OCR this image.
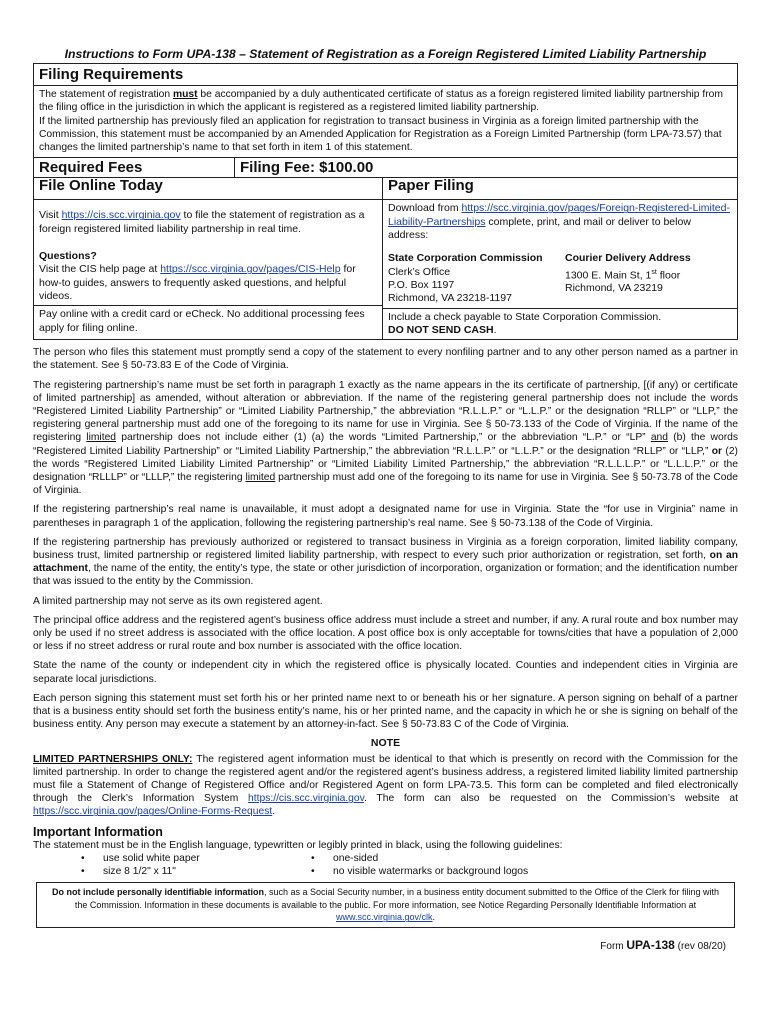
Instructions to Form UPA-138 – Statement of Registration as a Foreign Registered Limited Liability Partnership
Filing Requirements

The statement of registration must be accompanied by a duly authenticated certificate of status as a foreign registered limited liability partnership from the filing office in the jurisdiction in which the applicant is registered as a registered limited liability partnership.

If the limited partnership has previously filed an application for registration to transact business in Virginia as a foreign limited partnership with the Commission, this statement must be accompanied by an Amended Application for Registration as a Foreign Limited Partnership (form LPA-73.57) that changes the limited partnership’s name to that set forth in item 1 of this statement.

Required Fees	Filing Fee: $100.00
File Online Today

Visit https://cis.scc.virginia.gov to file the statement of registration as a foreign registered limited liability partnership in real time.

Questions?

Visit the CIS help page at https://scc.virginia.gov/pages/CIS-Help for how-to guides, answers to frequently asked questions, and helpful videos.

Pay online with a credit card or eCheck. No additional processing fees apply for filing online.
Paper Filing

Download from https://scc.virginia.gov/pages/Foreign-Registered-Limited-Liability-Partnerships complete, print, and mail or deliver to below address:

State Corporation Commission
Clerk’s Office
P.O. Box 1197
Richmond, VA 23218-1197
Courier Delivery Address
1300 E. Main St, 1st floor
Richmond, VA 23219
Include a check payable to State Corporation Commission.
DO NOT SEND CASH.

The person who files this statement must promptly send a copy of the statement to every nonfiling partner and to any other person named as a partner in the statement. See § 50-73.83 E of the Code of Virginia.

The registering partnership’s name must be set forth in paragraph 1 exactly as the name appears in the its certificate of partnership, [(if any) or certificate of limited partnership] as amended, without alteration or abbreviation. If the name of the registering general partnership does not include the words “Registered Limited Liability Partnership” or “Limited Liability Partnership,” the abbreviation “R.L.L.P.” or “L.L.P.” or the designation “RLLP” or “LLP,” the registering general partnership must add one of the foregoing to its name for use in Virginia. See § 50-73.133 of the Code of Virginia. If the name of the registering limited partnership does not include either (1) (a) the words “Limited Partnership,” or the abbreviation “L.P.” or “LP” and (b) the words “Registered Limited Liability Partnership” or “Limited Liability Partnership,” the abbreviation “R.L.L.P.” or “L.L.P.” or the designation “RLLP” or “LLP,” or (2) the words “Registered Limited Liability Limited Partnership” or “Limited Liability Limited Partnership,” the abbreviation “R.L.L.L.P.” or “L.L.L.P.” or the designation “RLLLP” or “LLLP,” the registering limited partnership must add one of the foregoing to its name for use in Virginia. See § 50-73.78 of the Code of Virginia.

If the registering partnership’s real name is unavailable, it must adopt a designated name for use in Virginia. State the “for use in Virginia” name in parentheses in paragraph 1 of the application, following the registering partnership’s real name. See § 50-73.138 of the Code of Virginia.

If the registering partnership has previously authorized or registered to transact business in Virginia as a foreign corporation, limited liability company, business trust, limited partnership or registered limited liability partnership, with respect to every such prior authorization or registration, set forth, on an attachment, the name of the entity, the entity’s type, the state or other jurisdiction of incorporation, organization or formation; and the identification number that was issued to the entity by the Commission.

A limited partnership may not serve as its own registered agent.

The principal office address and the registered agent’s business office address must include a street and number, if any. A rural route and box number may only be used if no street address is associated with the office location. A post office box is only acceptable for towns/cities that have a population of 2,000 or less if no street address or rural route and box number is associated with the office location.

State the name of the county or independent city in which the registered office is physically located. Counties and independent cities in Virginia are separate local jurisdictions.

Each person signing this statement must set forth his or her printed name next to or beneath his or her signature. A person signing on behalf of a partner that is a business entity should set forth the business entity’s name, his or her printed name, and the capacity in which he or she is signing on behalf of the business entity. Any person may execute a statement by an attorney-in-fact. See § 50-73.83 C of the Code of Virginia.

NOTE

LIMITED PARTNERSHIPS ONLY: The registered agent information must be identical to that which is presently on record with the Commission for the limited partnership. In order to change the registered agent and/or the registered agent’s business address, a registered limited liability limited partnership must file a Statement of Change of Registered Office and/or Registered Agent on form LPA-73.5. This form can be completed and filed electronically through the Clerk’s Information System https://cis.scc.virginia.gov. The form can also be requested on the Commission’s website at https://scc.virginia.gov/pages/Online-Forms-Request.

Important Information
The statement must be in the English language, typewritten or legibly printed in black, using the following guidelines:
• use solid white paper
• size 8 1/2" x 11"
• one-sided
• no visible watermarks or background logos
Do not include personally identifiable information, such as a Social Security number, in a business entity document submitted to the Office of the Clerk for filing with the Commission. Information in these documents is available to the public. For more information, see Notice Regarding Personally Identifiable Information at www.scc.virginia.gov/clk.
Form UPA-138 (rev 08/20)
